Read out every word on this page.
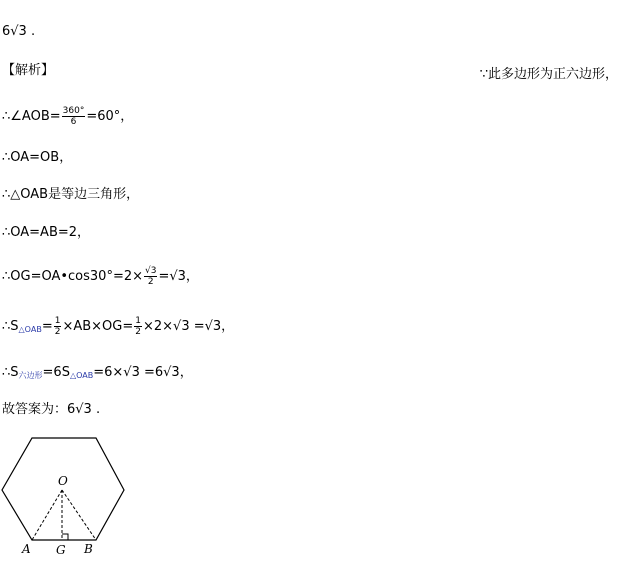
6√3 .
【解析】	∵此多边形为正六边形，
∴∠AOB= $\frac{360^\circ}{6} =60^\circ$，
∴OA=OB，
∴△OAB是等边三角形，
∴OA=AB=2，
∴OG=OA•cos30°=2× $\frac{√3}{2} =√3$，
$\therefore S_{\triangle OAB}= \frac{1}{2} \times AB\times OG= \frac{1}{2} \times 2\times√3 =√3$，
$\therefore S_{六边形}=6S_{\triangle OAB}=6\times√3 =6√3$，
故答案为：6√3 .
O
A G B
